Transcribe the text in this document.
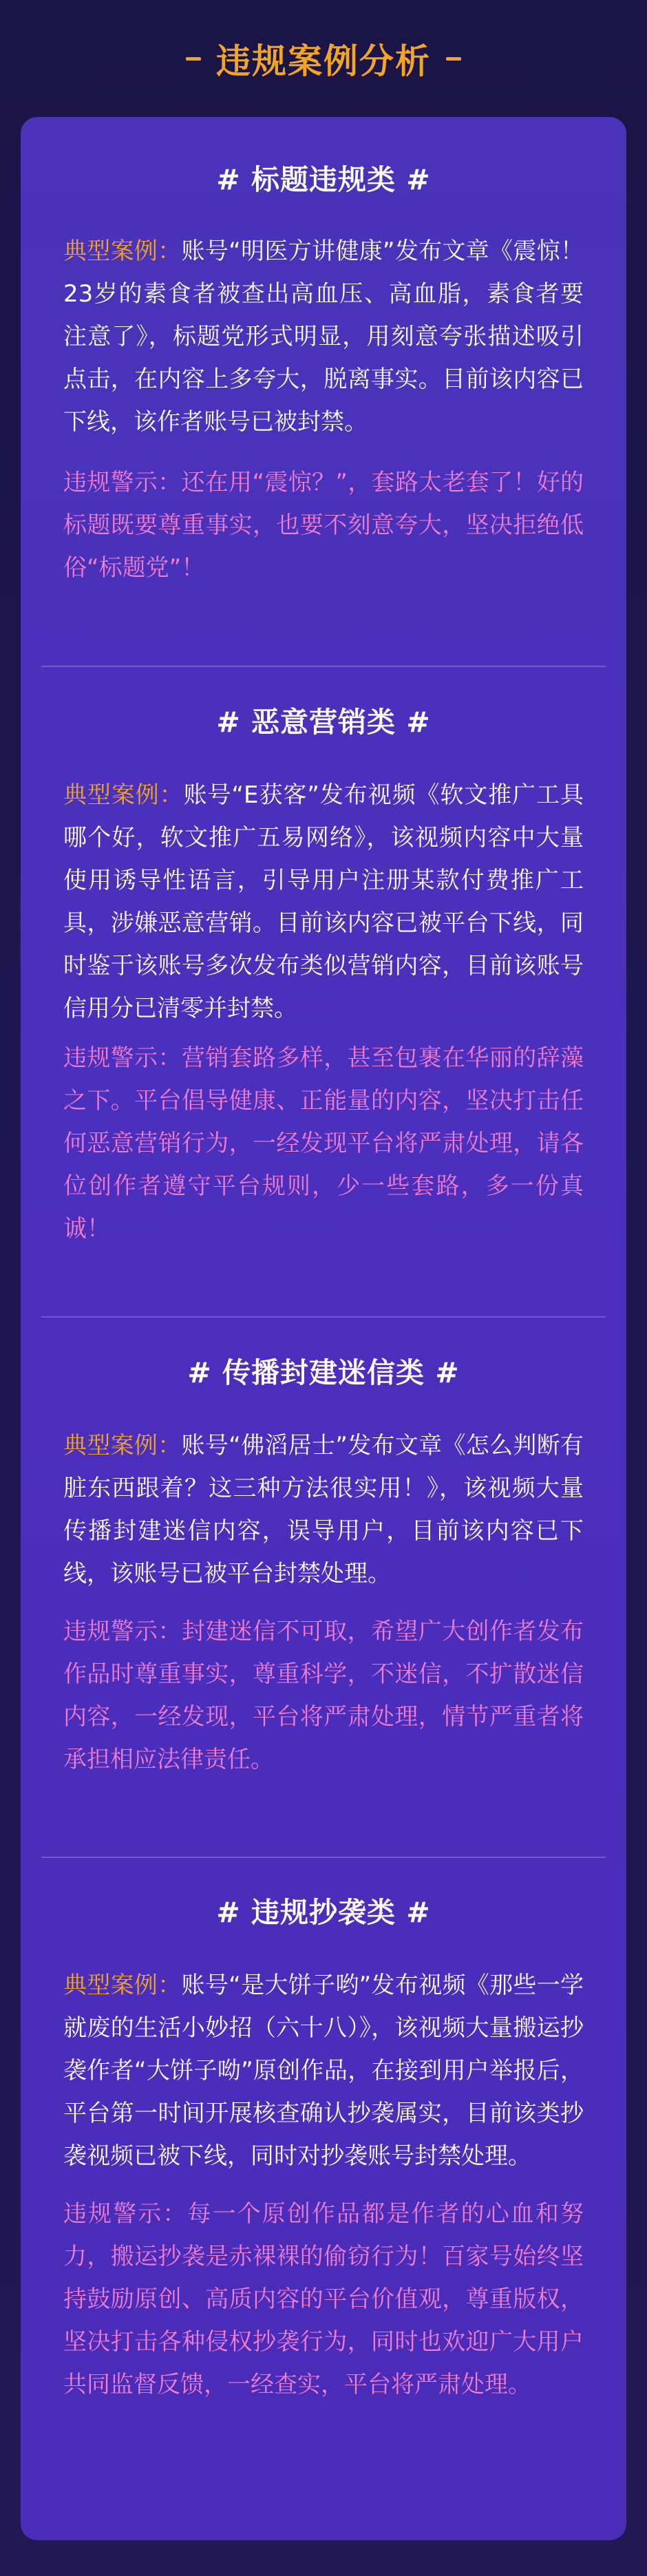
违规案例分析
# 标题违规类 #

典型案例：账号“明医方讲健康”发布文章《震惊！23岁的素食者被查出高血压、高血脂，素食者要注意了》，标题党形式明显，用刻意夸张描述吸引点击，在内容上多夸大，脱离事实。目前该内容已下线，该作者账号已被封禁。

违规警示：还在用“震惊？”，套路太老套了！好的标题既要尊重事实，也要不刻意夸大，坚决拒绝低俗“标题党”！

# 恶意营销类 #

典型案例：账号“E获客”发布视频《软文推广工具哪个好，软文推广五易网络》，该视频内容中大量使用诱导性语言，引导用户注册某款付费推广工具，涉嫌恶意营销。目前该内容已被平台下线，同时鉴于该账号多次发布类似营销内容，目前该账号信用分已清零并封禁。

违规警示：营销套路多样，甚至包裹在华丽的辞藻之下。平台倡导健康、正能量的内容，坚决打击任何恶意营销行为，一经发现平台将严肃处理，请各位创作者遵守平台规则，少一些套路，多一份真诚！

# 传播封建迷信类 #

典型案例：账号“佛滔居士”发布文章《怎么判断有脏东西跟着？这三种方法很实用！》，该视频大量传播封建迷信内容，误导用户，目前该内容已下线，该账号已被平台封禁处理。

违规警示：封建迷信不可取，希望广大创作者发布作品时尊重事实，尊重科学，不迷信，不扩散迷信内容，一经发现，平台将严肃处理，情节严重者将承担相应法律责任。

# 违规抄袭类 #

典型案例：账号“是大饼子哟”发布视频《那些一学就废的生活小妙招（六十八）》，该视频大量搬运抄袭作者“大饼子呦”原创作品，在接到用户举报后，平台第一时间开展核查确认抄袭属实，目前该类抄袭视频已被下线，同时对抄袭账号封禁处理。

违规警示：每一个原创作品都是作者的心血和努力，搬运抄袭是赤裸裸的偷窃行为！百家号始终坚持鼓励原创、高质内容的平台价值观，尊重版权，坚决打击各种侵权抄袭行为，同时也欢迎广大用户共同监督反馈，一经查实，平台将严肃处理。
